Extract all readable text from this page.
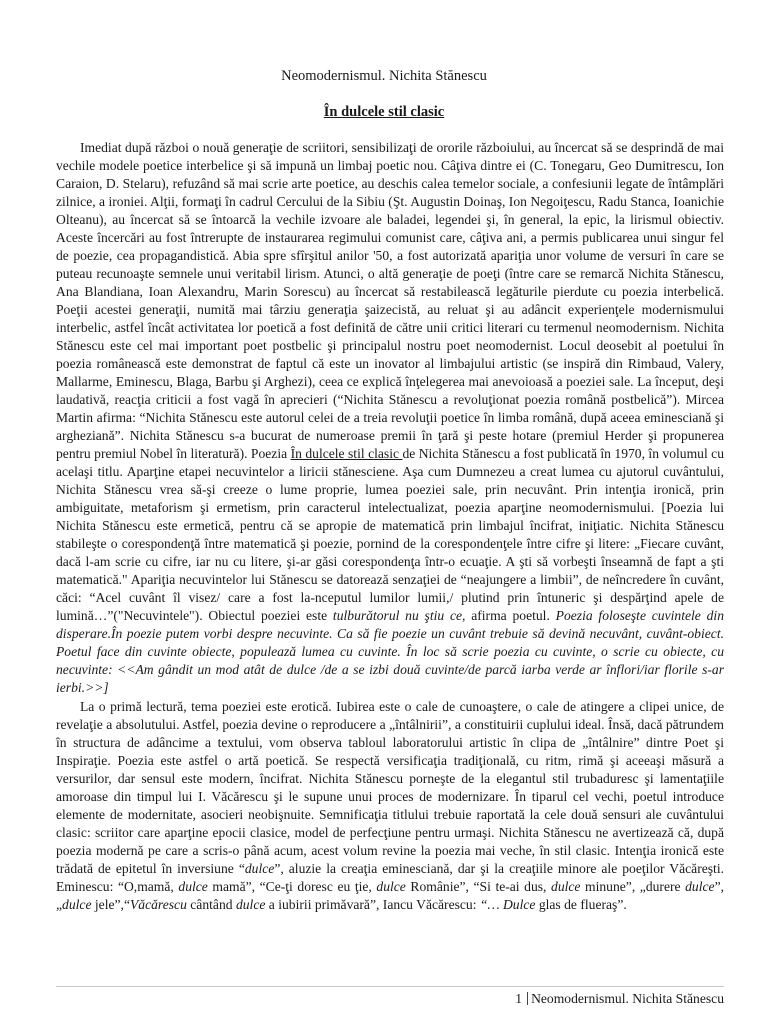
Neomodernismul. Nichita Stănescu
În dulcele stil clasic

Imediat după război o nouă generaţie de scriitori, sensibilizaţi de ororile războiului, au încercat să se desprindă de mai vechile modele poetice interbelice şi să impună un limbaj poetic nou. Câţiva dintre ei (C. Tonegaru, Geo Dumitrescu, Ion Caraion, D. Stelaru), refuzând să mai scrie arte poetice, au deschis calea temelor sociale, a confesiunii legate de întâmplări zilnice, a ironiei. Alţii, formaţi în cadrul Cercului de la Sibiu (Şt. Augustin Doinaş, Ion Negoiţescu, Radu Stanca, Ioanichie Olteanu), au încercat să se întoarcă la vechile izvoare ale baladei, legendei şi, în general, la epic, la lirismul obiectiv. Aceste încercări au fost întrerupte de instaurarea regimului comunist care, câţiva ani, a permis publicarea unui singur fel de poezie, cea propagandistică. Abia spre sfîrşitul anilor '50, a fost autorizată apariţia unor volume de versuri în care se puteau recunoaşte semnele unui veritabil lirism. Atunci, o altă generaţie de poeţi (între care se remarcă Nichita Stănescu, Ana Blandiana, Ioan Alexandru, Marin Sorescu) au încercat să restabilească legăturile pierdute cu poezia interbelică. Poeţii acestei generaţii, numită mai târziu generaţia şaizecistă, au reluat şi au adâncit experienţele modernismului interbelic, astfel încât activitatea lor poetică a fost definită de către unii critici literari cu termenul neomodernism. Nichita Stănescu este cel mai important poet postbelic şi principalul nostru poet neomodernist. Locul deosebit al poetului în poezia românească este demonstrat de faptul că este un inovator al limbajului artistic (se inspiră din Rimbaud, Valery, Mallarme, Eminescu, Blaga, Barbu şi Arghezi), ceea ce explică înţelegerea mai anevoioasă a poeziei sale. La început, deşi laudativă, reacţia criticii a fost vagă în aprecieri (“Nichita Stănescu a revoluţionat poezia română postbelică”). Mircea Martin afirma: “Nichita Stănescu este autorul celei de a treia revoluţii poetice în limba română, după aceea eminesciană şi argheziană”. Nichita Stănescu s-a bucurat de numeroase premii în ţară şi peste hotare (premiul Herder şi propunerea pentru premiul Nobel în literatură). Poezia În dulcele stil clasic de Nichita Stănescu a fost publicată în 1970, în volumul cu acelaşi titlu. Aparţine etapei necuvintelor a liricii stănesciene. Aşa cum Dumnezeu a creat lumea cu ajutorul cuvântului, Nichita Stănescu vrea să-şi creeze o lume proprie, lumea poeziei sale, prin necuvânt. Prin intenţia ironică, prin ambiguitate, metaforism şi ermetism, prin caracterul intelectualizat, poezia aparţine neomodernismului. [Poezia lui Nichita Stănescu este ermetică, pentru că se apropie de matematică prin limbajul încifrat, iniţiatic. Nichita Stănescu stabileşte o corespondenţă între matematică şi poezie, pornind de la corespondenţele între cifre şi litere: „Fiecare cuvânt, dacă l-am scrie cu cifre, iar nu cu litere, şi-ar găsi corespondenţa într-o ecuaţie. A şti să vorbeşti înseamnă de fapt a şti matematică." Apariţia necuvintelor lui Stănescu se datorează senzaţiei de “neajungere a limbii”, de neîncredere în cuvânt, căci: “Acel cuvânt îl visez/ care a fost la-nceputul lumilor lumii,/ plutind prin întuneric şi despărţind apele de lumină…”("Necuvintele"). Obiectul poeziei este tulburătorul nu ştiu ce, afirma poetul. Poezia foloseşte cuvintele din disperare.În poezie putem vorbi despre necuvinte. Ca să fie poezie un cuvânt trebuie să devină necuvânt, cuvânt-obiect. Poetul face din cuvinte obiecte, populează lumea cu cuvinte. În loc să scrie poezia cu cuvinte, o scrie cu obiecte, cu necuvinte: <<Am gândit un mod atât de dulce /de a se izbi două cuvinte/de parcă iarba verde ar înflori/iar florile s-ar ierbi.>>]

La o primă lectură, tema poeziei este erotică. Iubirea este o cale de cunoaştere, o cale de atingere a clipei unice, de revelaţie a absolutului. Astfel, poezia devine o reproducere a „întâlnirii”, a constituirii cuplului ideal. Însă, dacă pătrundem în structura de adâncime a textului, vom observa tabloul laboratorului artistic în clipa de „întâlnire” dintre Poet şi Inspiraţie. Poezia este astfel o artă poetică. Se respectă versificaţia tradiţională, cu ritm, rimă şi aceeaşi măsură a versurilor, dar sensul este modern, încifrat. Nichita Stănescu porneşte de la elegantul stil trubaduresc şi lamentaţiile amoroase din timpul lui I. Văcărescu şi le supune unui proces de modernizare. În tiparul cel vechi, poetul introduce elemente de modernitate, asocieri neobişnuite. Semnificaţia titlului trebuie raportată la cele două sensuri ale cuvântului clasic: scriitor care aparţine epocii clasice, model de perfecţiune pentru urmaşi. Nichita Stănescu ne avertizează că, după poezia modernă pe care a scris-o până acum, acest volum revine la poezia mai veche, în stil clasic. Intenţia ironică este trădată de epitetul în inversiune “dulce”, aluzie la creaţia eminesciană, dar şi la creaţiile minore ale poeţilor Văcăreşti. Eminescu: “O,mamă, dulce mamă”, “Ce-ţi doresc eu ţie, dulce Românie”, “Si te-ai dus, dulce minune”, „durere dulce”, „dulce jele”,“Văcărescu cântând dulce a iubirii primăvară”, Iancu Văcărescu: “… Dulce glas de flueraş”.

1 Neomodernismul. Nichita Stănescu
